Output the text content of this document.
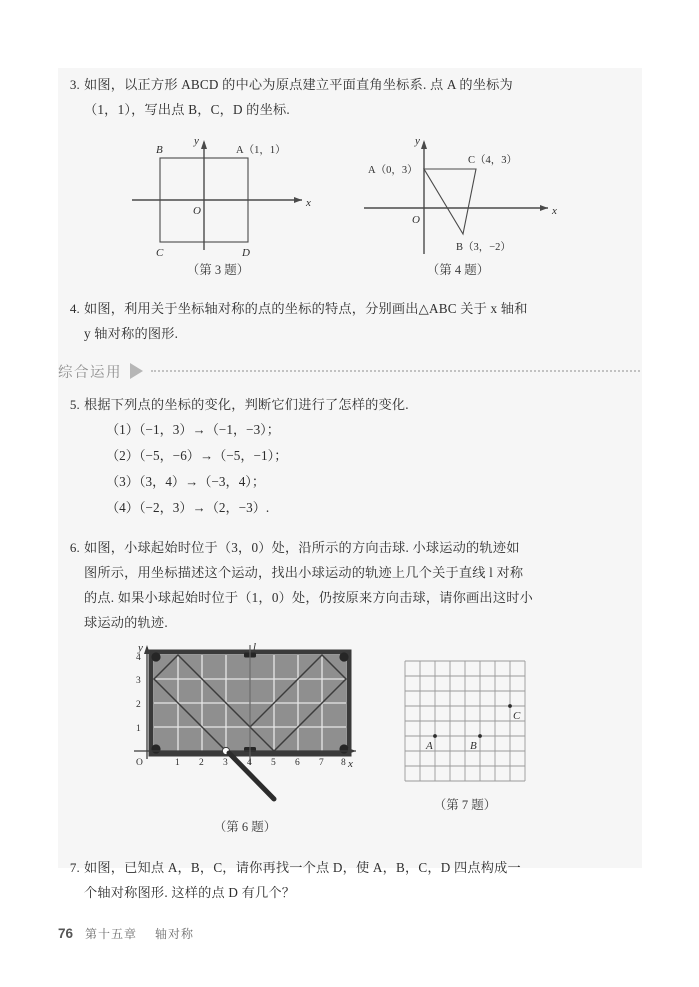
3. 如图，以正方形 ABCD 的中心为原点建立平面直角坐标系. 点 A 的坐标为
（1，1），写出点 B，C，D 的坐标.
x
y
O
B	A（1，1）
C	D
（第 3 题）
x
y
O
A（0，3）
C（4，3）
B（3，−2）
（第 4 题）
4. 如图，利用关于坐标轴对称的点的坐标的特点，分别画出△ABC 关于 x 轴和
y 轴对称的图形.
综合运用
5. 根据下列点的坐标的变化，判断它们进行了怎样的变化.
（1）（−1，3）→（−1，−3）；
（2）（−5，−6）→（−5，−1）；
（3）（3，4）→（−3，4）；
（4）（−2，3）→（2，−3）.
6. 如图，小球起始时位于（3，0）处，沿所示的方向击球. 小球运动的轨迹如
图所示，用坐标描述这个运动，找出小球运动的轨迹上几个关于直线 l 对称
的点. 如果小球起始时位于（1，0）处，仍按原来方向击球，请你画出这时小
球运动的轨迹.
O	1 2 3 4 5 6 7 8
1
2
3
4
x
y	l
（第 6 题）
A	B
C
（第 7 题）
7. 如图，已知点 A，B，C，请你再找一个点 D，使 A，B，C，D 四点构成一
个轴对称图形. 这样的点 D 有几个？
76 第十五章 轴对称
